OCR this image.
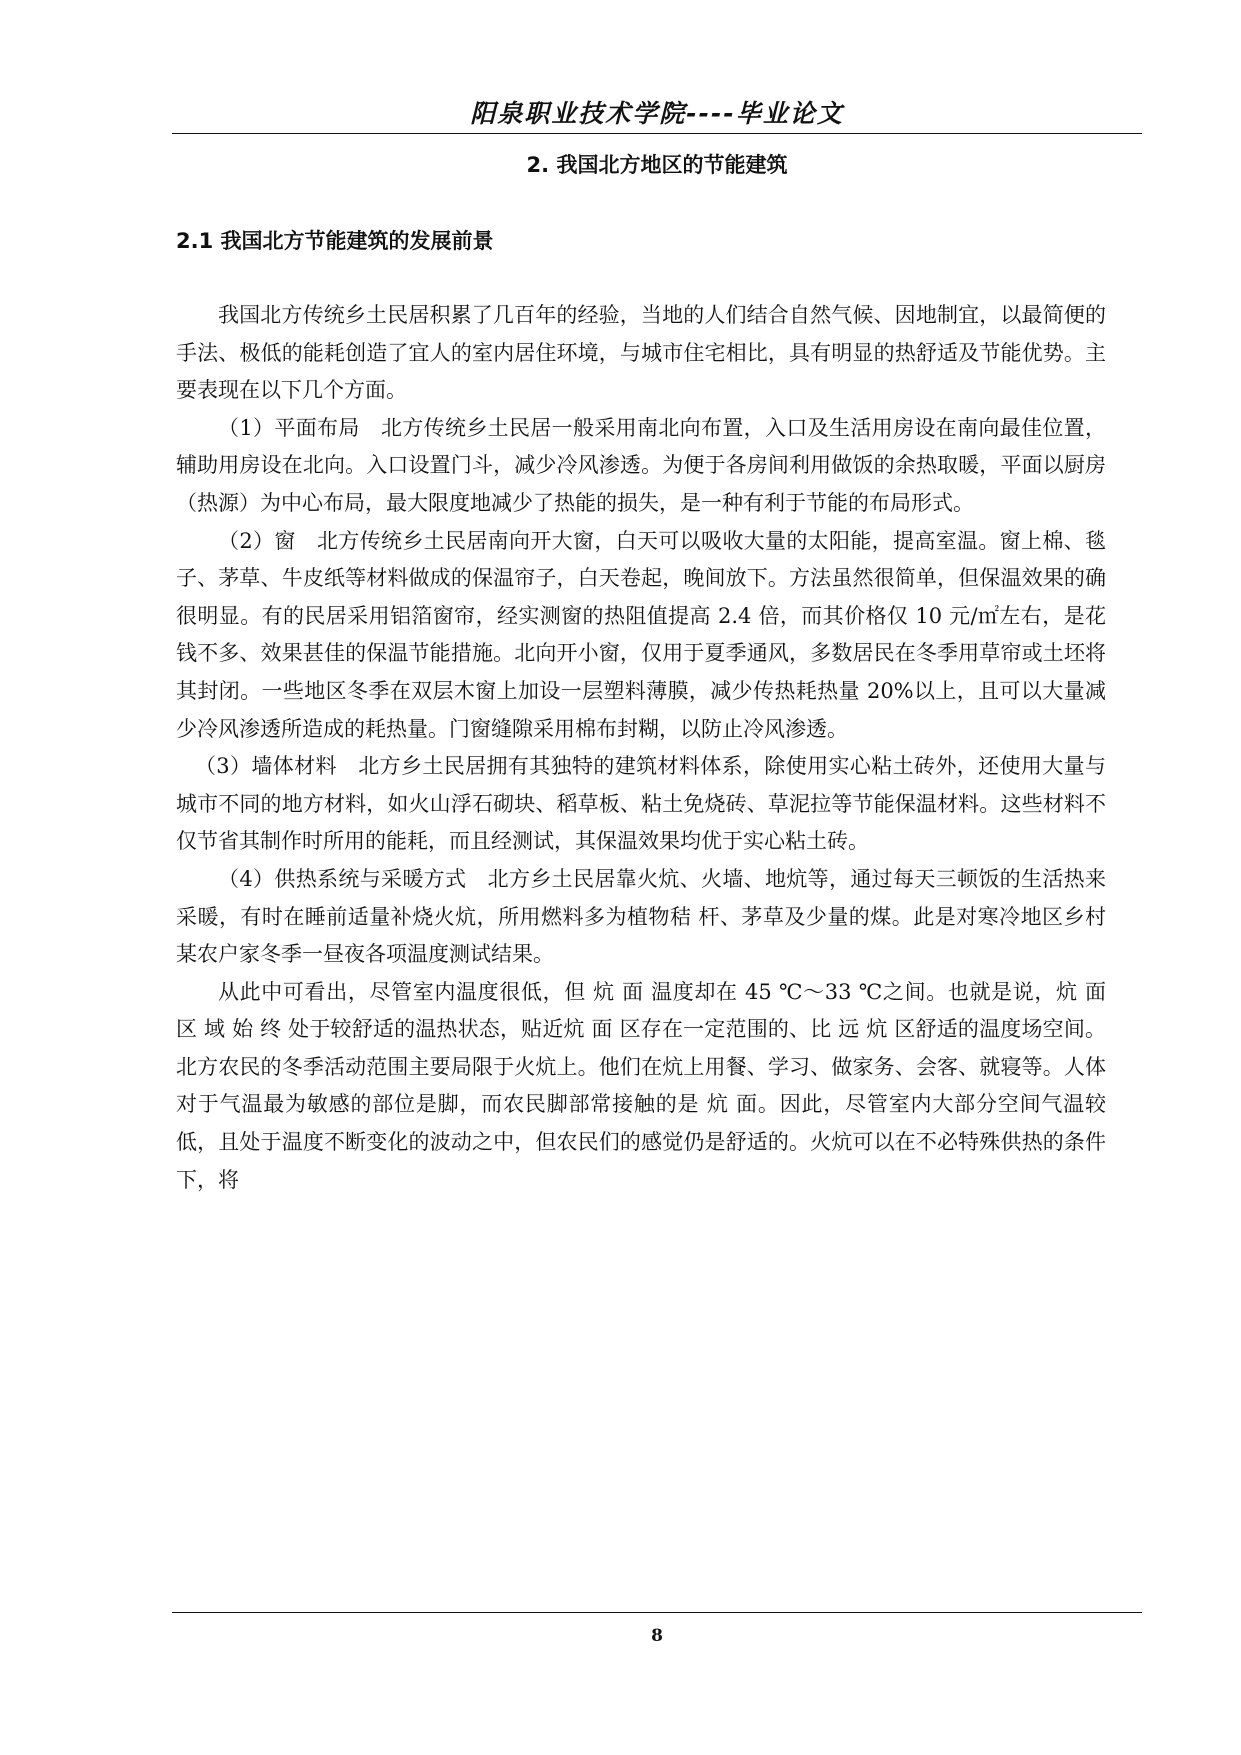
阳泉职业技术学院----毕业论文
2. 我国北方地区的节能建筑
2.1 我国北方节能建筑的发展前景

我国北方传统乡土民居积累了几百年的经验，当地的人们结合自然气候、因地制宜，以最简便的手法、极低的能耗创造了宜人的室内居住环境，与城市住宅相比，具有明显的热舒适及节能优势。主要表现在以下几个方面。

（1）平面布局　北方传统乡土民居一般采用南北向布置，入口及生活用房设在南向最佳位置，辅助用房设在北向。入口设置门斗，减少冷风渗透。为便于各房间利用做饭的余热取暖，平面以厨房（热源）为中心布局，最大限度地减少了热能的损失，是一种有利于节能的布局形式。

（2）窗　北方传统乡土民居南向开大窗，白天可以吸收大量的太阳能，提高室温。窗上棉、毯子、茅草、牛皮纸等材料做成的保温帘子，白天卷起，晚间放下。方法虽然很简单，但保温效果的确很明显。有的民居采用铝箔窗帘，经实测窗的热阻值提高 2.4 倍，而其价格仅 10 元/㎡左右，是花钱不多、效果甚佳的保温节能措施。北向开小窗，仅用于夏季通风，多数居民在冬季用草帘或土坯将其封闭。一些地区冬季在双层木窗上加设一层塑料薄膜，减少传热耗热量 20%以上，且可以大量减少冷风渗透所造成的耗热量。门窗缝隙采用棉布封糊，以防止冷风渗透。

（3）墙体材料　北方乡土民居拥有其独特的建筑材料体系，除使用实心粘土砖外，还使用大量与城市不同的地方材料，如火山浮石砌块、稻草板、粘土免烧砖、草泥拉等节能保温材料。这些材料不仅节省其制作时所用的能耗，而且经测试，其保温效果均优于实心粘土砖。

（4）供热系统与采暖方式　北方乡土民居靠火炕、火墙、地炕等，通过每天三顿饭的生活热来采暖，有时在睡前适量补烧火炕，所用燃料多为植物秸 杆、茅草及少量的煤。此是对寒冷地区乡村某农户家冬季一昼夜各项温度测试结果。

从此中可看出，尽管室内温度很低，但 炕 面 温度却在 45 ℃～33 ℃之间。也就是说，炕 面 区 域 始 终 处于较舒适的温热状态，贴近炕 面 区存在一定范围的、比 远 炕 区舒适的温度场空间。北方农民的冬季活动范围主要局限于火炕上。他们在炕上用餐、学习、做家务、会客、就寝等。人体对于气温最为敏感的部位是脚，而农民脚部常接触的是 炕 面。因此，尽管室内大部分空间气温较低，且处于温度不断变化的波动之中，但农民们的感觉仍是舒适的。火炕可以在不必特殊供热的条件下，将

8
